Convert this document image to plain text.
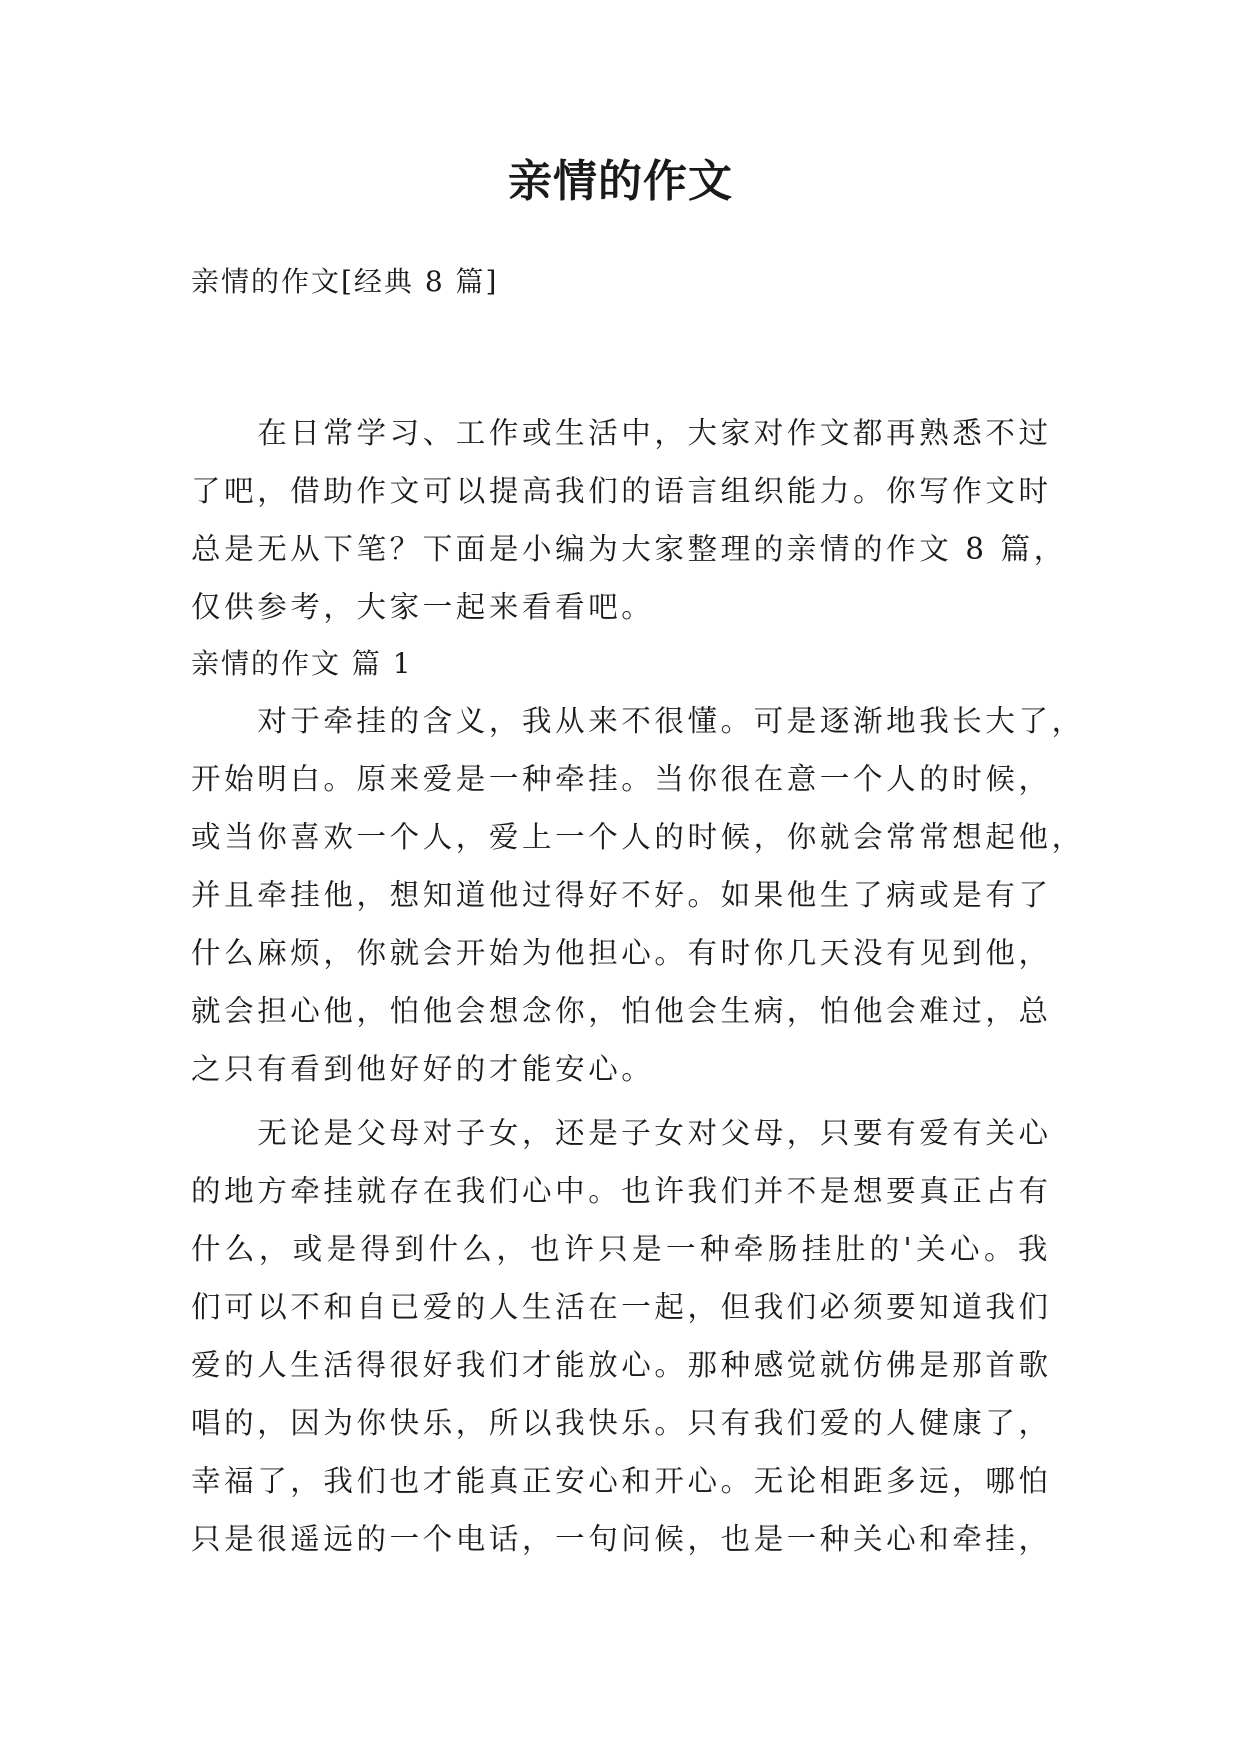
亲情的作文

亲情的作文[经典 8 篇]

　　在日常学习、工作或生活中，大家对作文都再熟悉不过
了吧，借助作文可以提高我们的语言组织能力。你写作文时
总是无从下笔？下面是小编为大家整理的亲情的作文 8 篇，
仅供参考，大家一起来看看吧。

亲情的作文 篇 1

　　对于牵挂的含义，我从来不很懂。可是逐渐地我长大了，
开始明白。原来爱是一种牵挂。当你很在意一个人的时候，
或当你喜欢一个人，爱上一个人的时候，你就会常常想起他，
并且牵挂他，想知道他过得好不好。如果他生了病或是有了
什么麻烦，你就会开始为他担心。有时你几天没有见到他，
就会担心他，怕他会想念你，怕他会生病，怕他会难过，总
之只有看到他好好的才能安心。

　　无论是父母对子女，还是子女对父母，只要有爱有关心
的地方牵挂就存在我们心中。也许我们并不是想要真正占有
什么，或是得到什么，也许只是一种牵肠挂肚的'关心。我
们可以不和自已爱的人生活在一起，但我们必须要知道我们
爱的人生活得很好我们才能放心。那种感觉就仿佛是那首歌
唱的，因为你快乐，所以我快乐。只有我们爱的人健康了，
幸福了，我们也才能真正安心和开心。无论相距多远，哪怕
只是很遥远的一个电话，一句问候，也是一种关心和牵挂，
